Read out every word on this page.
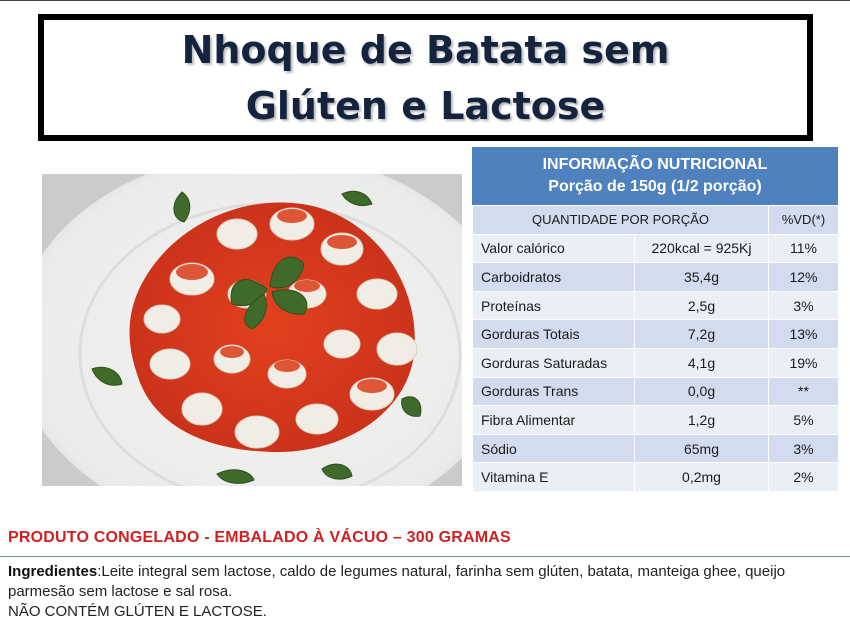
Nhoque de Batata sem Glúten e Lactose
INFORMAÇÃO NUTRICIONAL
Porção de 150g (1/2 porção)
QUANTIDADE POR PORÇÃO		%VD(*)
Valor calórico	220kcal = 925Kj	11%
Carboidratos	35,4g	12%
Proteínas	2,5g	3%
Gorduras Totais	7,2g	13%
Gorduras Saturadas	4,1g	19%
Gorduras Trans	0,0g	**
Fibra Alimentar	1,2g	5%
Sódio	65mg	3%
Vitamina E	0,2mg	2%
PRODUTO CONGELADO - EMBALADO À VÁCUO – 300 GRAMAS
Ingredientes:Leite integral sem lactose, caldo de legumes natural, farinha sem glúten, batata, manteiga ghee, queijo parmesão sem lactose e sal rosa.
NÃO CONTÉM GLÚTEN E LACTOSE.
